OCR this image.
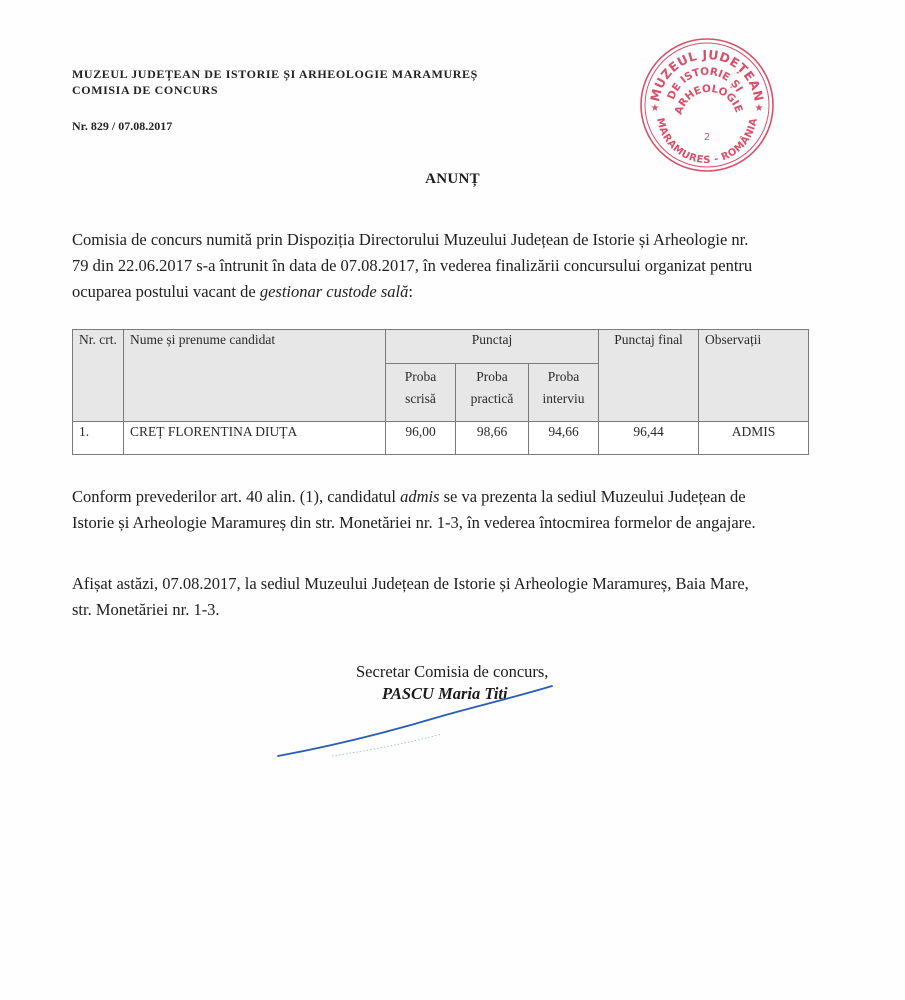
MUZEUL JUDEȚEAN DE ISTORIE ȘI ARHEOLOGIE MARAMUREȘ
COMISIA DE CONCURS
Nr. 829 / 07.08.2017
MUZEUL JUDEȚEAN
DE ISTORIE ȘI
ARHEOLOGIE
MARAMURES - ROMÂNIA
2
★	★
ANUNȚ
Comisia de concurs numită prin Dispoziția Directorului Muzeului Județean de Istorie și Arheologie nr.
79 din 22.06.2017 s-a întrunit în data de 07.08.2017, în vederea finalizării concursului organizat pentru
ocuparea postului vacant de gestionar custode sală:
Nr. crt.	Nume și prenume candidat	Punctaj			Punctaj final	Observații
		Proba scrisă	Proba practică	Proba interviu		
1.	CREȚ FLORENTINA DIUȚA	96,00	98,66	94,66	96,44	ADMIS
Conform prevederilor art. 40 alin. (1), candidatul admis se va prezenta la sediul Muzeului Județean de
Istorie și Arheologie Maramureș din str. Monetăriei nr. 1-3, în vederea întocmirea formelor de angajare.
Afișat astăzi, 07.08.2017, la sediul Muzeului Județean de Istorie și Arheologie Maramureș, Baia Mare,
str. Monetăriei nr. 1-3.
Secretar Comisia de concurs,
PASCU Maria Titi
